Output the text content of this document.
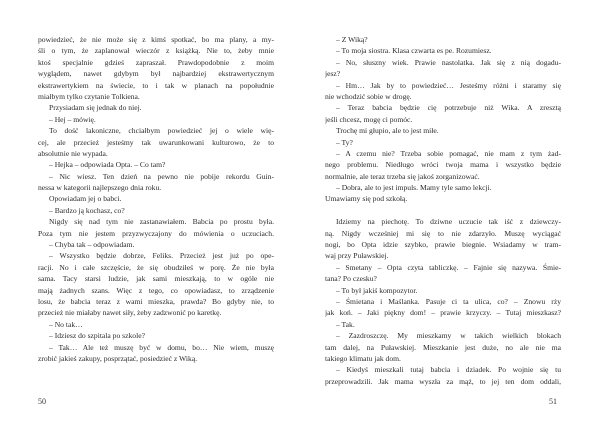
powiedzieć, że nie może się z kimś spotkać, bo ma plany, a my-
śli o tym, że zaplanował wieczór z książką. Nie to, żeby mnie
ktoś specjalnie gdzieś zapraszał. Prawdopodobnie z moim
wyglądem, nawet gdybym był najbardziej ekstrawertycznym
ekstrawertykiem na świecie, to i tak w planach na popołudnie
miałbym tylko czytanie Tolkiena.
Przysiadam się jednak do niej.
– Hej – mówię.
To dość lakoniczne, chciałbym powiedzieć jej o wiele wię-
cej, ale przecież jesteśmy tak uwarunkowani kulturowo, że to
absolutnie nie wypada.
– Hejka – odpowiada Opta. – Co tam?
– Nic wiesz. Ten dzień na pewno nie pobije rekordu Guin-
nessa w kategorii najlepszego dnia roku.
Opowiadam jej o babci.
– Bardzo ją kochasz, co?
Nigdy się nad tym nie zastanawiałem. Babcia po prostu była.
Poza tym nie jestem przyzwyczajony do mówienia o uczuciach.
– Chyba tak – odpowiadam.
– Wszystko będzie dobrze, Feliks. Przecież jest już po ope-
racji. No i całe szczęście, że się obudziłeś w porę. Że nie była
sama. Tacy starsi ludzie, jak sami mieszkają, to w ogóle nie
mają żadnych szans. Więc z tego, co opowiadasz, to zrządzenie
losu, że babcia teraz z wami mieszka, prawda? Bo gdyby nie, to
przecież nie miałaby nawet siły, żeby zadzwonić po karetkę.
– No tak…
– Idziesz do szpitala po szkole?
– Tak… Ale też muszę być w domu, bo… Nie wiem, muszę
zrobić jakieś zakupy, posprzątać, posiedzieć z Wiką.
– Z Wiką?
– To moja siostra. Klasa czwarta es pe. Rozumiesz.
– No, słuszny wiek. Prawie nastolatka. Jak się z nią dogadu-
jesz?
– Hm… Jak by to powiedzieć… Jesteśmy różni i staramy się
nie wchodzić sobie w drogę.
– Teraz babcia będzie cię potrzebuje niż Wika. A zresztą
jeśli chcesz, mogę ci pomóc.
Trochę mi głupio, ale to jest miłe.
– Ty?
– A czemu nie? Trzeba sobie pomagać, nie mam z tym żad-
nego problemu. Niedługo wróci twoja mama i wszystko będzie
normalnie, ale teraz trzeba się jakoś zorganizować.
– Dobra, ale to jest impuls. Mamy tyle samo lekcji.
Umawiamy się pod szkołą.
Idziemy na piechotę. To dziwne uczucie tak iść z dziewczy-
ną. Nigdy wcześniej mi się to nie zdarzyło. Muszę wyciągać
nogi, bo Opta idzie szybko, prawie biegnie. Wsiadamy w tram-
waj przy Puławskiej.
– Smetany – Opta czyta tabliczkę. – Fajnie się nazywa. Śmie-
tana? Po czesku?
– To był jakiś kompozytor.
– Śmietana i Maślanka. Pasuje ci ta ulica, co? – Znowu rży
jak koń. – Jaki piękny dom! – prawie krzyczy. – Tutaj mieszkasz?
– Tak.
– Zazdroszczę. My mieszkamy w takich wielkich blokach
tam dalej, na Puławskiej. Mieszkanie jest duże, no ale nie ma
takiego klimatu jak dom.
– Kiedyś mieszkali tutaj babcia i dziadek. Po wojnie się tu
przeprowadzili. Jak mama wyszła za mąż, to jej ten dom oddali,
50	51
